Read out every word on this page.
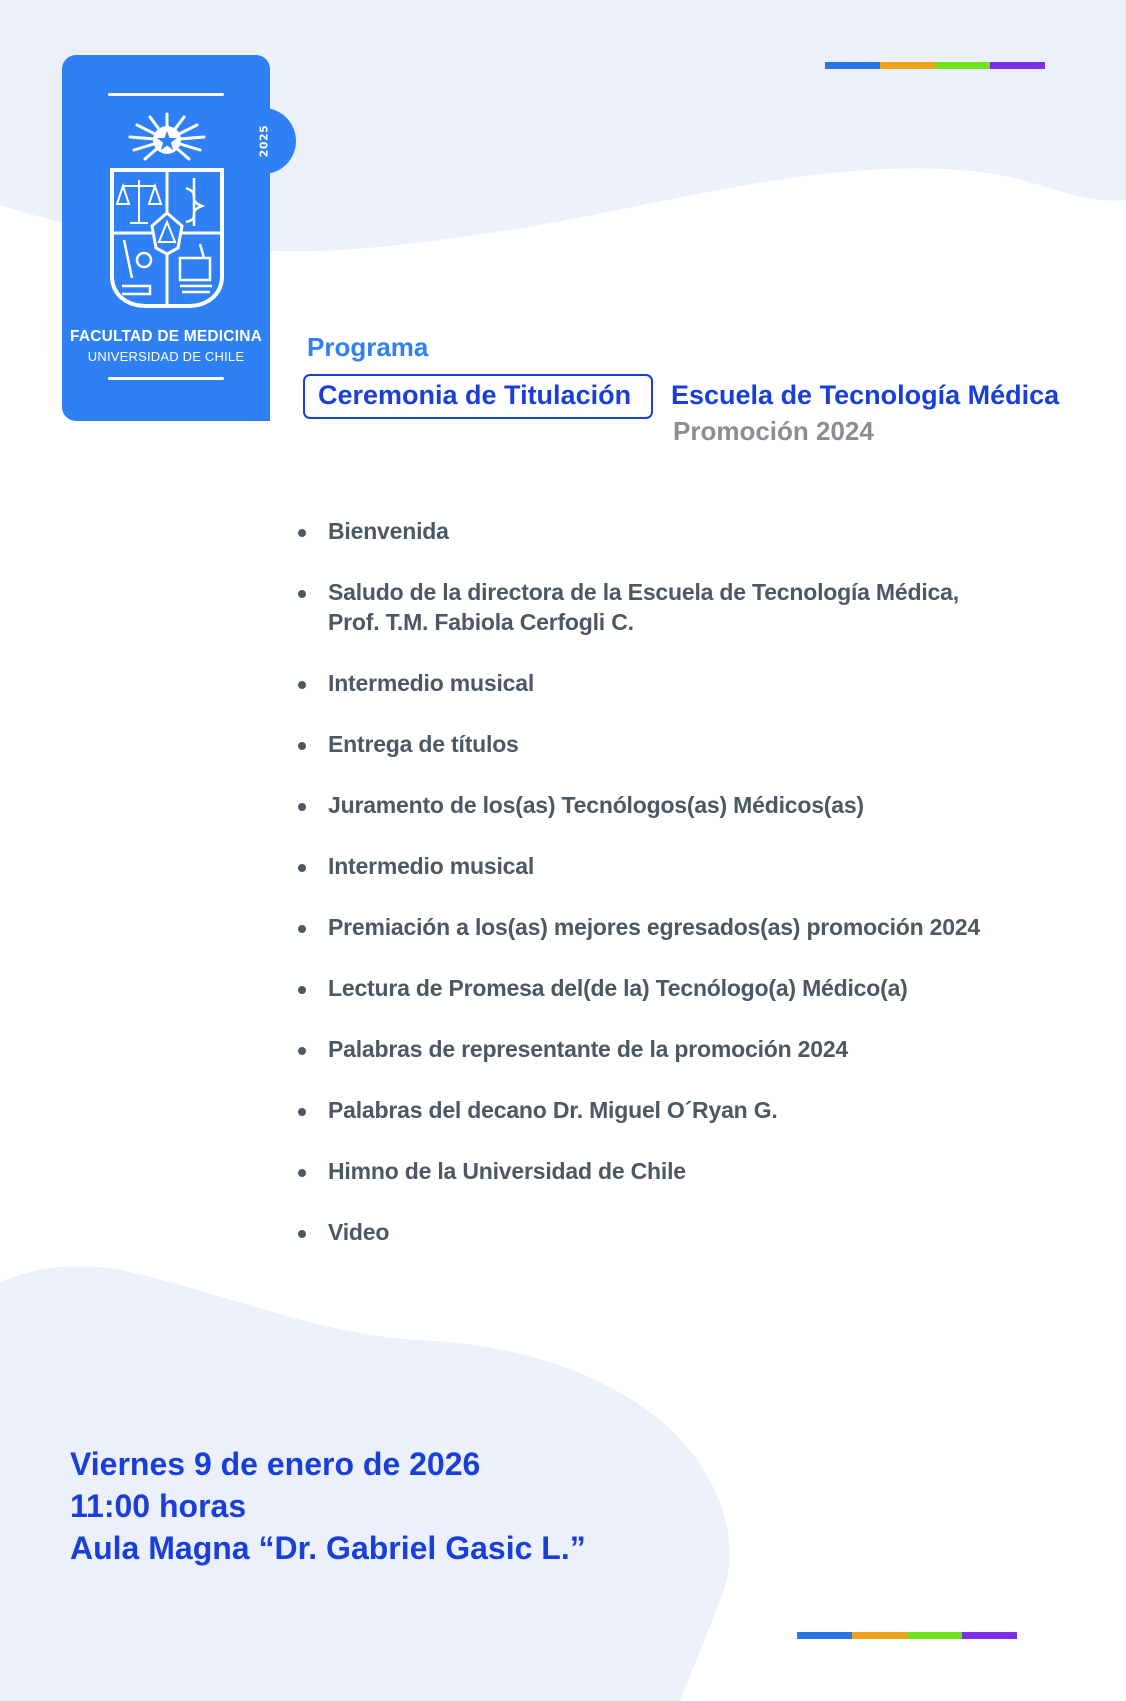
2025
FACULTAD DE MEDICINA
UNIVERSIDAD DE CHILE	Programa
Ceremonia de Titulación Escuela de Tecnología Médica
Promoción 2024
Bienvenida
Saludo de la directora de la Escuela de Tecnología Médica,
Prof. T.M. Fabiola Cerfogli C.
Intermedio musical
Entrega de títulos
Juramento de los(as) Tecnólogos(as) Médicos(as)
Intermedio musical
Premiación a los(as) mejores egresados(as) promoción 2024
Lectura de Promesa del(de la) Tecnólogo(a) Médico(a)
Palabras de representante de la promoción 2024
Palabras del decano Dr. Miguel O´Ryan G.
Himno de la Universidad de Chile
Video
Viernes 9 de enero de 2026
11:00 horas
Aula Magna “Dr. Gabriel Gasic L.”
